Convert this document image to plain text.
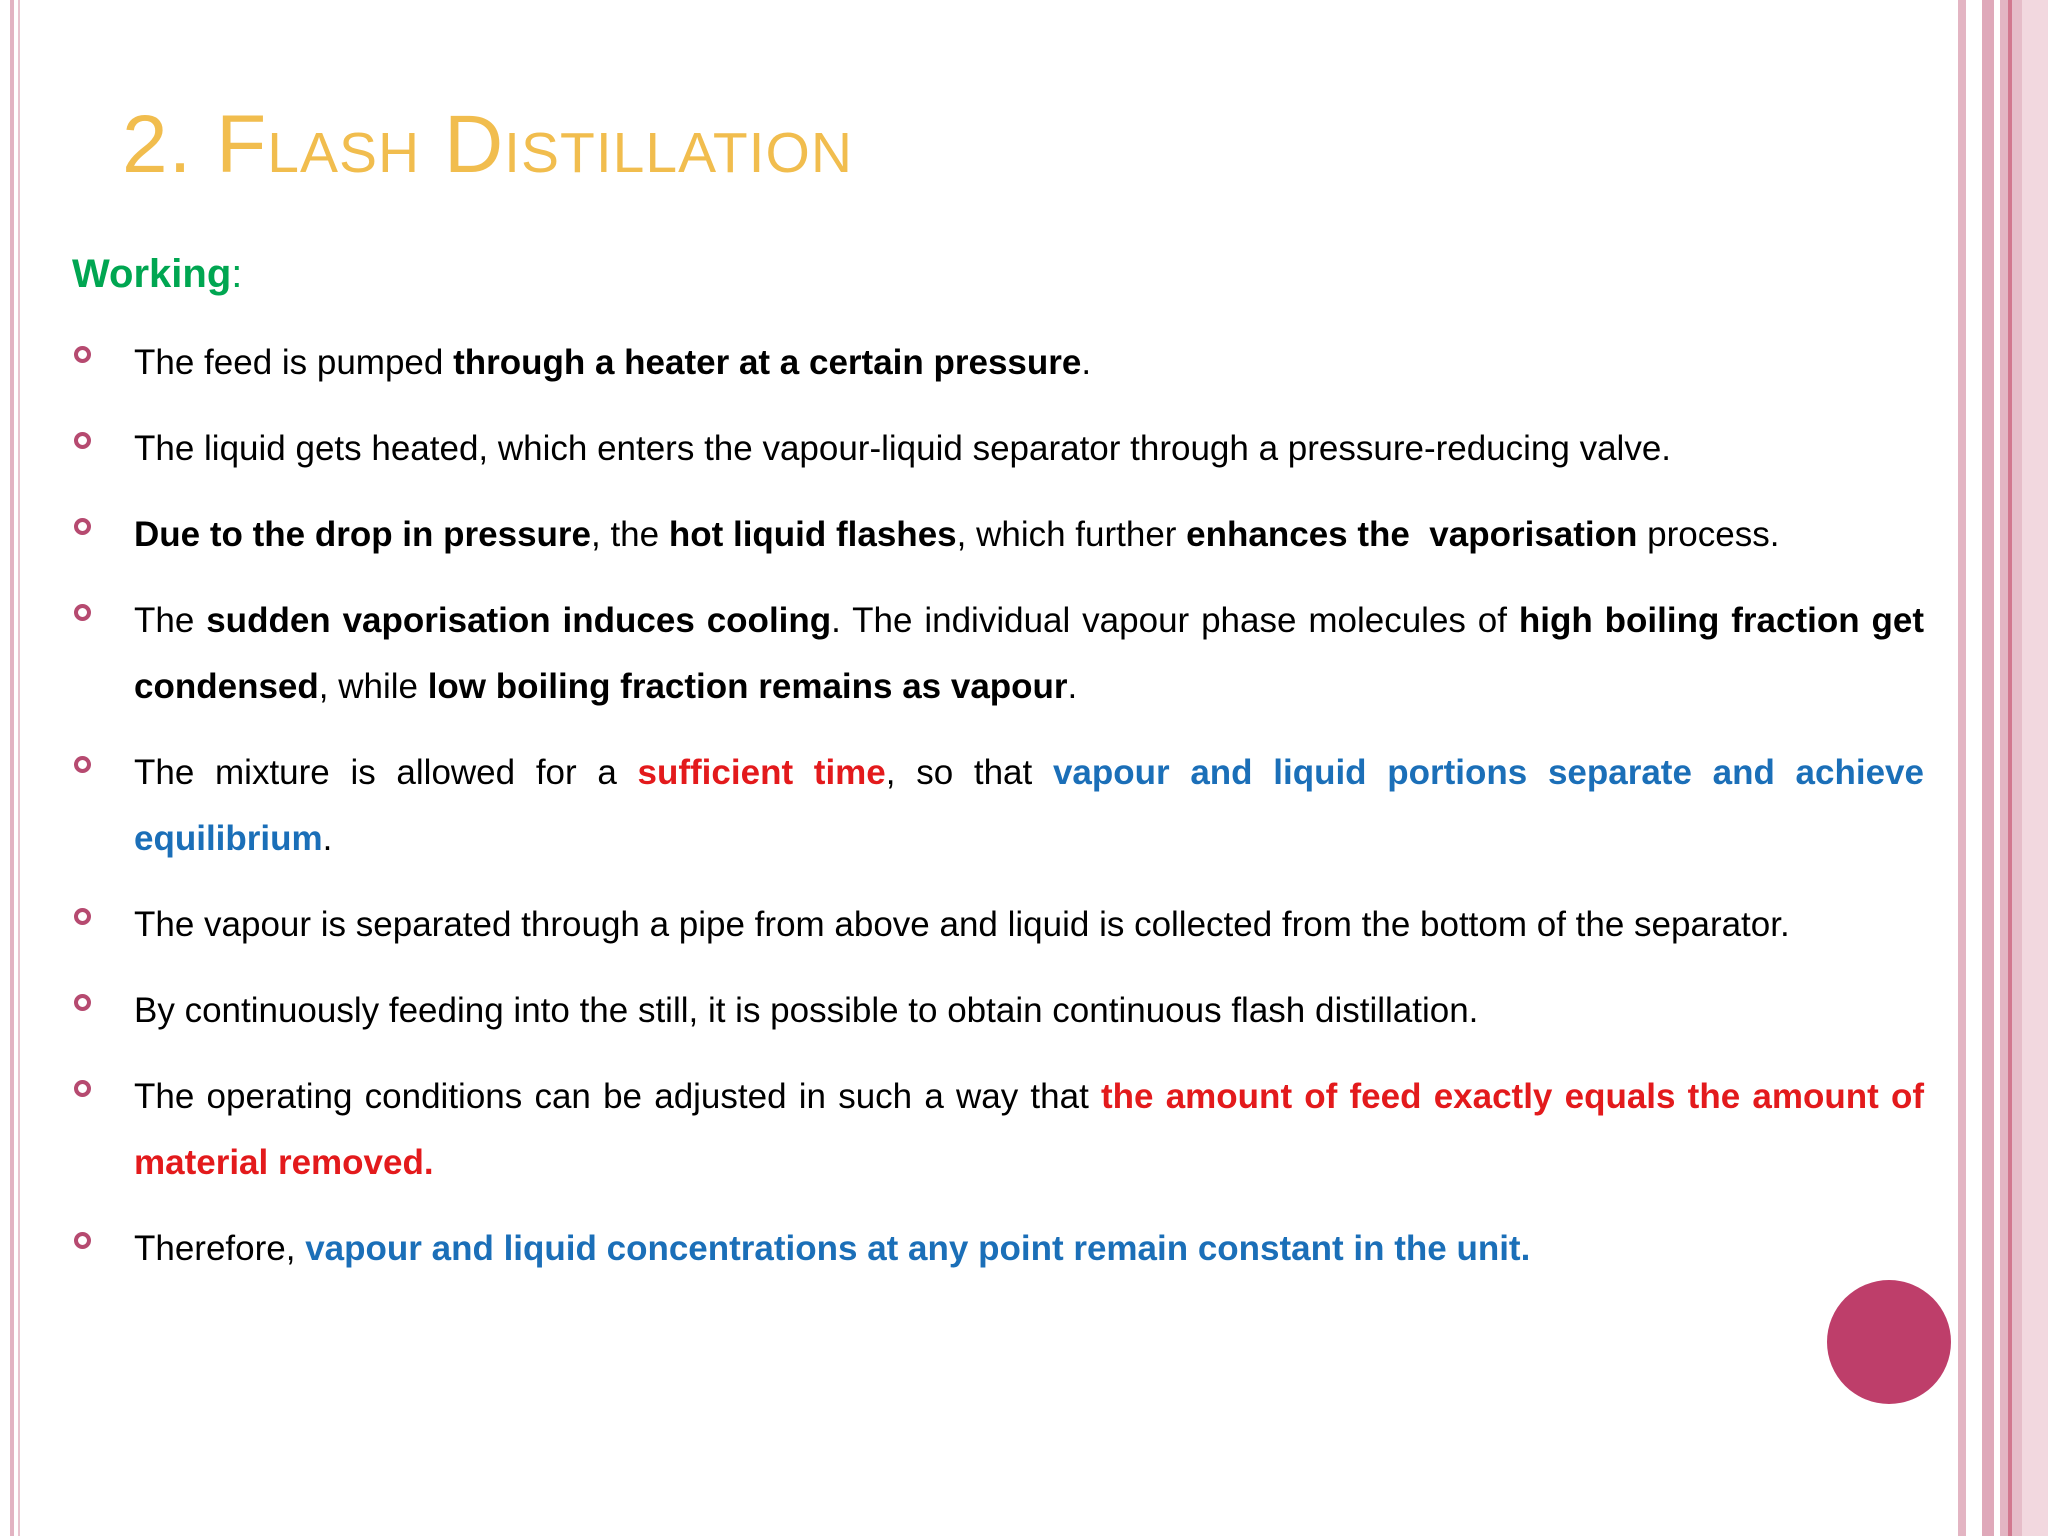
2. Flash Distillation
Working:

The feed is pumped through a heater at a certain pressure.

The liquid gets heated, which enters the vapour-liquid separator through a pressure-reducing valve.

Due to the drop in pressure, the hot liquid flashes, which further enhances the  vaporisation process.

The sudden vaporisation induces cooling. The individual vapour phase molecules of high boiling fraction get condensed, while low boiling fraction remains as vapour.

The mixture is allowed for a sufficient time, so that vapour and liquid portions separate and achieve equilibrium.

The vapour is separated through a pipe from above and liquid is collected from the bottom of the separator.

By continuously feeding into the still, it is possible to obtain continuous flash distillation.

The operating conditions can be adjusted in such a way that the amount of feed exactly equals the amount of material removed.

Therefore, vapour and liquid concentrations at any point remain constant in the unit.
